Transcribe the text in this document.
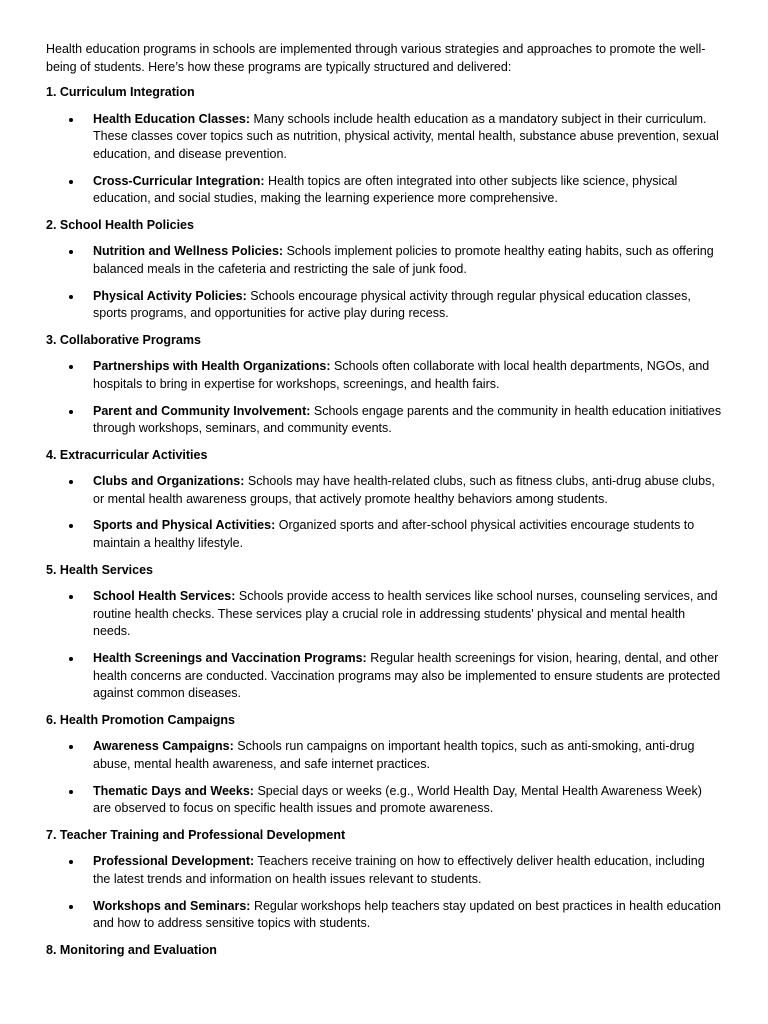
Health education programs in schools are implemented through various strategies and approaches to promote the well-being of students. Here’s how these programs are typically structured and delivered:

1. Curriculum Integration

Health Education Classes: Many schools include health education as a mandatory subject in their curriculum. These classes cover topics such as nutrition, physical activity, mental health, substance abuse prevention, sexual education, and disease prevention.
Cross-Curricular Integration: Health topics are often integrated into other subjects like science, physical education, and social studies, making the learning experience more comprehensive.

2. School Health Policies

Nutrition and Wellness Policies: Schools implement policies to promote healthy eating habits, such as offering balanced meals in the cafeteria and restricting the sale of junk food.
Physical Activity Policies: Schools encourage physical activity through regular physical education classes, sports programs, and opportunities for active play during recess.

3. Collaborative Programs

Partnerships with Health Organizations: Schools often collaborate with local health departments, NGOs, and hospitals to bring in expertise for workshops, screenings, and health fairs.
Parent and Community Involvement: Schools engage parents and the community in health education initiatives through workshops, seminars, and community events.

4. Extracurricular Activities

Clubs and Organizations: Schools may have health-related clubs, such as fitness clubs, anti-drug abuse clubs, or mental health awareness groups, that actively promote healthy behaviors among students.
Sports and Physical Activities: Organized sports and after-school physical activities encourage students to maintain a healthy lifestyle.

5. Health Services

School Health Services: Schools provide access to health services like school nurses, counseling services, and routine health checks. These services play a crucial role in addressing students' physical and mental health needs.
Health Screenings and Vaccination Programs: Regular health screenings for vision, hearing, dental, and other health concerns are conducted. Vaccination programs may also be implemented to ensure students are protected against common diseases.

6. Health Promotion Campaigns

Awareness Campaigns: Schools run campaigns on important health topics, such as anti-smoking, anti-drug abuse, mental health awareness, and safe internet practices.
Thematic Days and Weeks: Special days or weeks (e.g., World Health Day, Mental Health Awareness Week) are observed to focus on specific health issues and promote awareness.

7. Teacher Training and Professional Development

Professional Development: Teachers receive training on how to effectively deliver health education, including the latest trends and information on health issues relevant to students.
Workshops and Seminars: Regular workshops help teachers stay updated on best practices in health education and how to address sensitive topics with students.

8. Monitoring and Evaluation
